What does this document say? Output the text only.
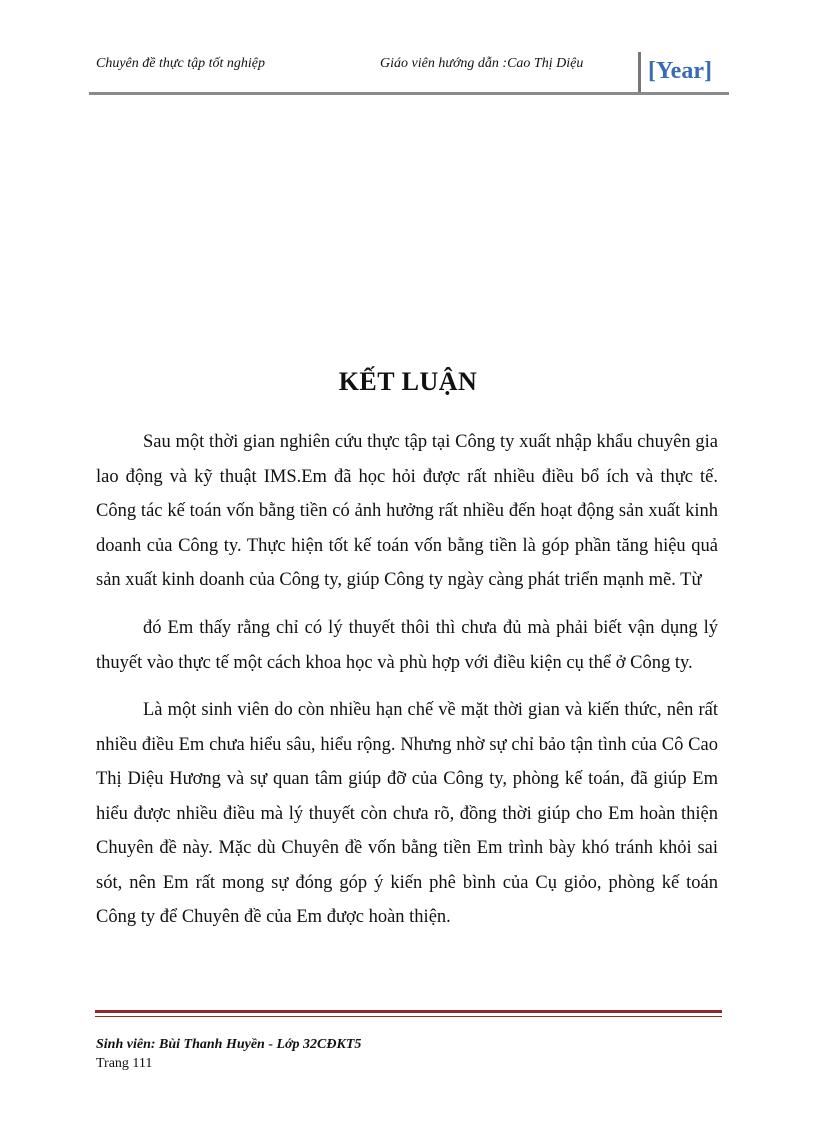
Chuyên đề thực tập tốt nghiệp	Giáo viên hướng dẫn :Cao Thị Diệu	[Year]
KẾT LUẬN

Sau một thời gian nghiên cứu thực tập tại Công ty xuất nhập khẩu chuyên gia lao động và kỹ thuật IMS.Em đã học hỏi được rất nhiều điều bổ ích và thực tế. Công tác kế toán vốn bằng tiền có ảnh hưởng rất nhiều đến hoạt động sản xuất kinh doanh của Công ty. Thực hiện tốt kế toán vốn bằng tiền là góp phần tăng hiệu quả sản xuất kinh doanh của Công ty, giúp Công ty ngày càng phát triển mạnh mẽ. Từ

đó Em thấy rằng chỉ có lý thuyết thôi thì chưa đủ mà phải biết vận dụng lý thuyết vào thực tế một cách khoa học và phù hợp với điều kiện cụ thể ở Công ty.

Là một sinh viên do còn nhiều hạn chế về mặt thời gian và kiến thức, nên rất nhiều điều Em chưa hiểu sâu, hiểu rộng. Nhưng nhờ sự chỉ bảo tận tình của Cô Cao Thị Diệu Hương và sự quan tâm giúp đỡ của Công ty, phòng kế toán, đã giúp Em hiểu được nhiều điều mà lý thuyết còn chưa rõ, đồng thời giúp cho Em hoàn thiện Chuyên đề này. Mặc dù Chuyên đề vốn bằng tiền Em trình bày khó tránh khỏi sai sót, nên Em rất mong sự đóng góp ý kiến phê bình của Cụ giỏo, phòng kế toán Công ty để Chuyên đề của Em được hoàn thiện.

Sinh viên: Bùi Thanh Huyền - Lớp 32CĐKT5
Trang 111
